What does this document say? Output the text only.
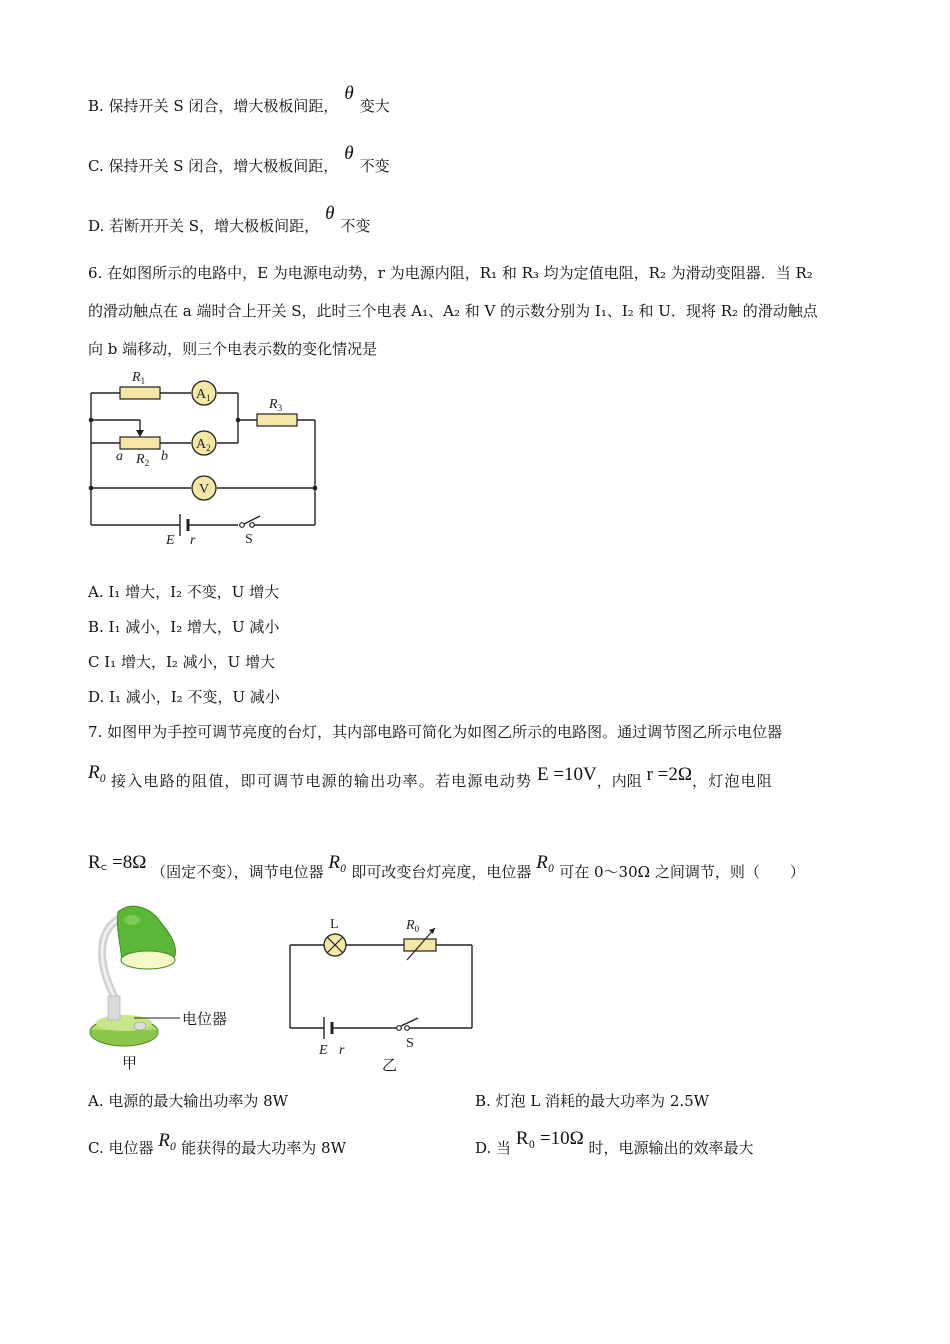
B. 保持开关 S 闭合，增大极板间距，θ变大
C. 保持开关 S 闭合，增大极板间距，θ不变
D. 若断开开关 S，增大极板间距，θ不变
6. 在如图所示的电路中，E 为电源电动势，r 为电源内阻，R₁ 和 R₃ 均为定值电阻，R₂ 为滑动变阻器．当 R₂
的滑动触点在 a 端时合上开关 S，此时三个电表 A₁、A₂ 和 V 的示数分别为 I₁、I₂ 和 U．现将 R₂ 的滑动触点
向 b 端移动，则三个电表示数的变化情况是
$R_1$
$A_1$
$A_2$
V
$R_3$
a $R_2$ b
E r	S
A. I₁ 增大，I₂ 不变，U 增大
B. I₁ 减小，I₂ 增大，U 减小
C I₁ 增大，I₂ 减小，U 增大
D. I₁ 减小，I₂ 不变，U 减小
7. 如图甲为手控可调节亮度的台灯，其内部电路可简化为如图乙所示的电路图。通过调节图乙所示电位器
R₀ 接入电路的阻值，即可调节电源的输出功率。若电源电动势 E =10V，内阻 r =2Ω，灯泡电阻
R꜀ =8Ω （固定不变），调节电位器 R₀ 即可改变台灯亮度，电位器 R₀ 可在 0～30Ω 之间调节，则（　　）
电位器
甲
L	$R_0$
E r	S
乙
A. 电源的最大输出功率为 8W	B. 灯泡 L 消耗的最大功率为 2.5W
C. 电位器 R₀ 能获得的最大功率为 8W	D. 当 R₀ =10Ω 时，电源输出的效率最大
